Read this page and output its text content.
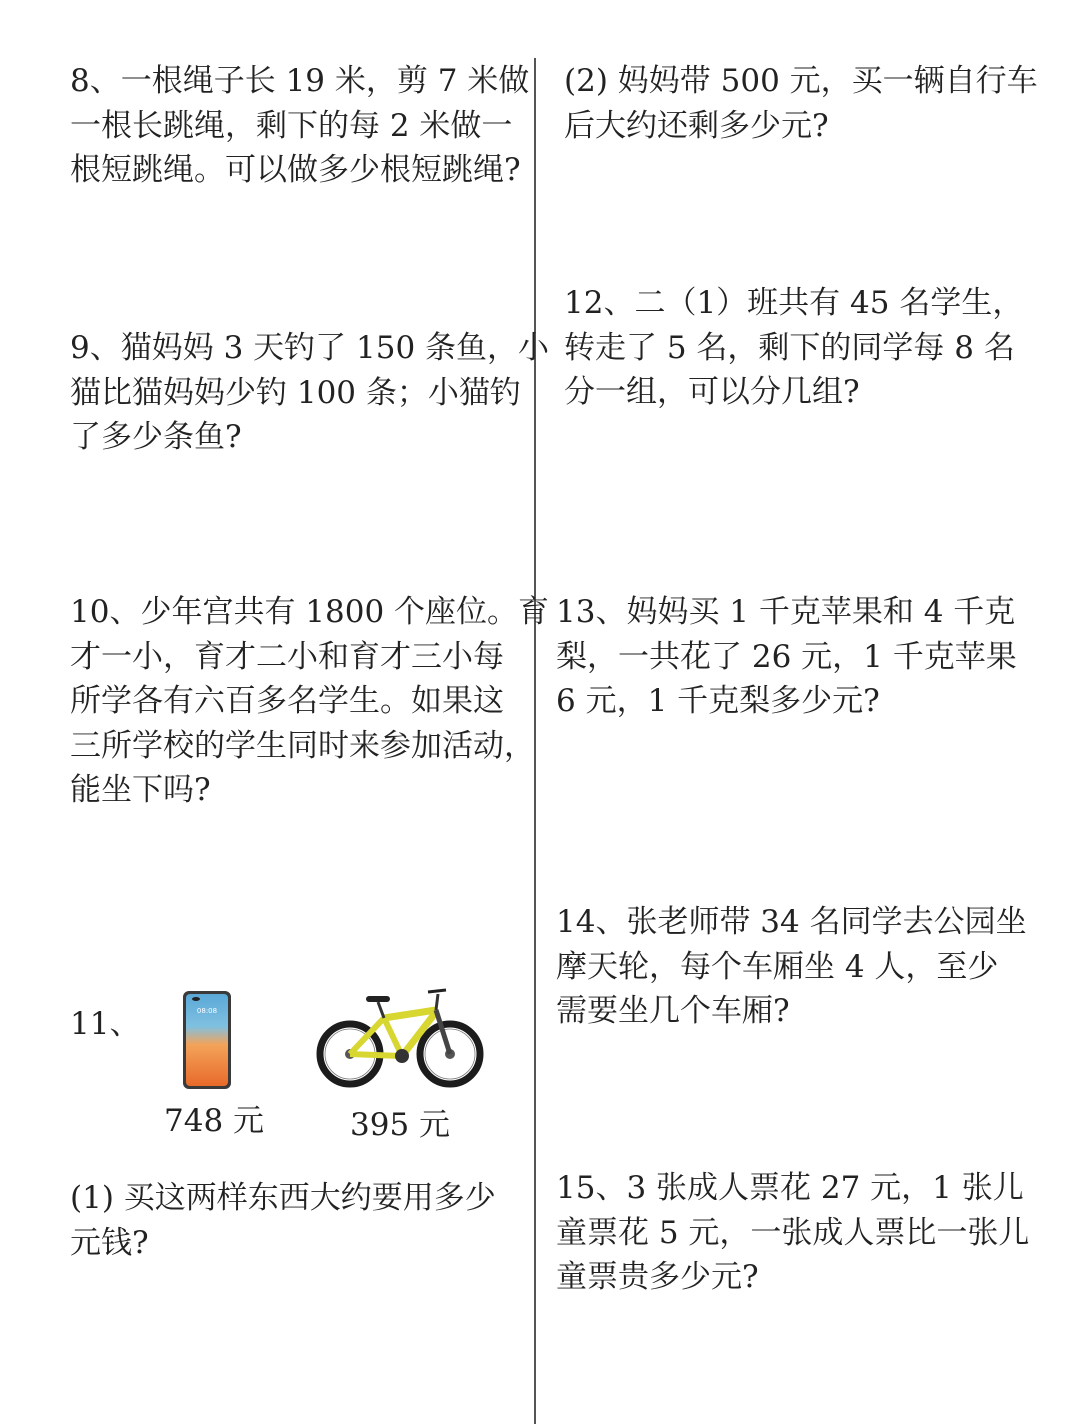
8、一根绳子长 19 米，剪 7 米做
一根长跳绳，剩下的每 2 米做一
根短跳绳。可以做多少根短跳绳?
9、猫妈妈 3 天钓了 150 条鱼，小
猫比猫妈妈少钓 100 条；小猫钓
了多少条鱼?
10、少年宫共有 1800 个座位。育
才一小，育才二小和育才三小每
所学各有六百多名学生。如果这
三所学校的学生同时来参加活动，
能坐下吗?

11、	08:08

748 元	395 元

(1) 买这两样东西大约要用多少
元钱?
(2) 妈妈带 500 元，买一辆自行车
后大约还剩多少元?
12、二（1）班共有 45 名学生，
转走了 5 名，剩下的同学每 8 名
分一组，可以分几组?
13、妈妈买 1 千克苹果和 4 千克
梨，一共花了 26 元，1 千克苹果
6 元，1 千克梨多少元?
14、张老师带 34 名同学去公园坐
摩天轮，每个车厢坐 4 人，至少
需要坐几个车厢?
15、3 张成人票花 27 元，1 张儿
童票花 5 元，一张成人票比一张儿
童票贵多少元?
